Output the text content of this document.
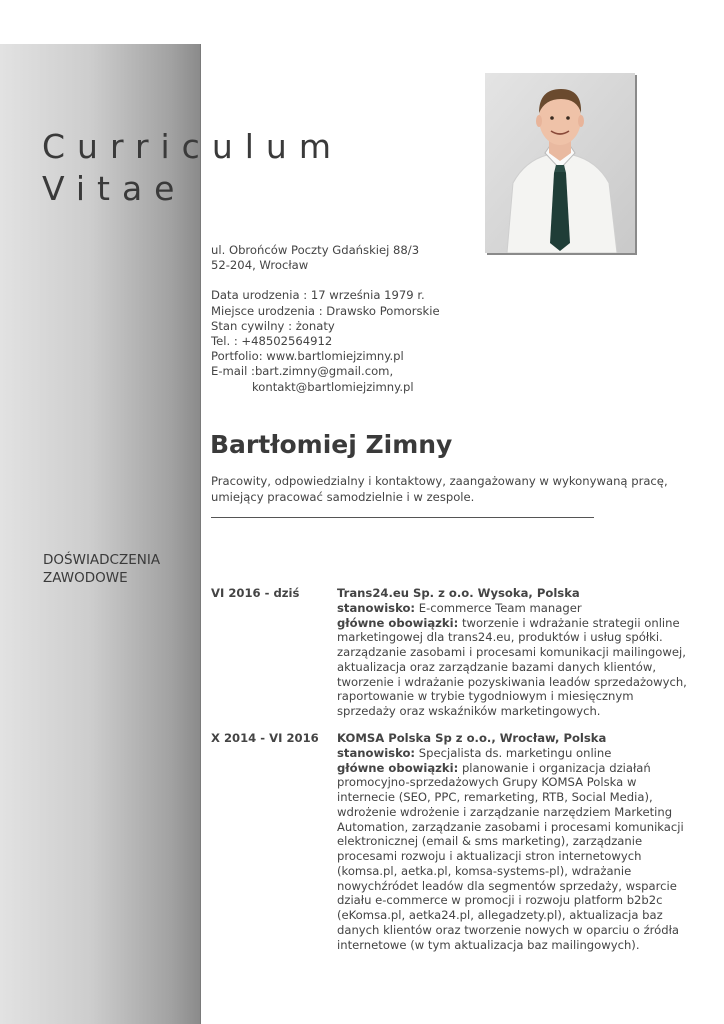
Curriculum
Vitae
ul. Obrońców Poczty Gdańskiej 88/3
52-204, Wrocław
Data urodzenia : 17 września 1979 r.
Miejsce urodzenia : Drawsko Pomorskie
Stan cywilny : żonaty
Tel. : +48502564912
Portfolio: www.bartlomiejzimny.pl
E-mail :bart.zimny@gmail.com,
kontakt@bartlomiejzimny.pl
Bartłomiej Zimny

Pracowity, odpowiedzialny i kontaktowy, zaangażowany w wykonywaną pracę, umiejący pracować samodzielnie i w zespole.

DOŚWIADCZENIA
ZAWODOWE
VI 2016 - dziś	Trans24.eu Sp. z o.o. Wysoka, Polska
stanowisko: E-commerce Team manager
główne obowiązki: tworzenie i wdrażanie strategii online
marketingowej dla trans24.eu, produktów i usług spółki.
zarządzanie zasobami i procesami komunikacji mailingowej,
aktualizacja oraz zarządzanie bazami danych klientów,
tworzenie i wdrażanie pozyskiwania leadów sprzedażowych,
raportowanie w trybie tygodniowym i miesięcznym
sprzedaży oraz wskaźników marketingowych.
X 2014 - VI 2016 KOMSA Polska Sp z o.o., Wrocław, Polska
stanowisko: Specjalista ds. marketingu online
główne obowiązki: planowanie i organizacja działań
promocyjno-sprzedażowych Grupy KOMSA Polska w
internecie (SEO, PPC, remarketing, RTB, Social Media),
wdrożenie wdrożenie i zarządzanie narzędziem Marketing
Automation, zarządzanie zasobami i procesami komunikacji
elektronicznej (email & sms marketing), zarządzanie
procesami rozwoju i aktualizacji stron internetowych
(komsa.pl, aetka.pl, komsa-systems-pl), wdrażanie
nowychźródet leadów dla segmentów sprzedaży, wsparcie
działu e-commerce w promocji i rozwoju platform b2b2c
(eKomsa.pl, aetka24.pl, allegadzety.pl), aktualizacja baz
danych klientów oraz tworzenie nowych w oparciu o źródła
internetowe (w tym aktualizacja baz mailingowych).
